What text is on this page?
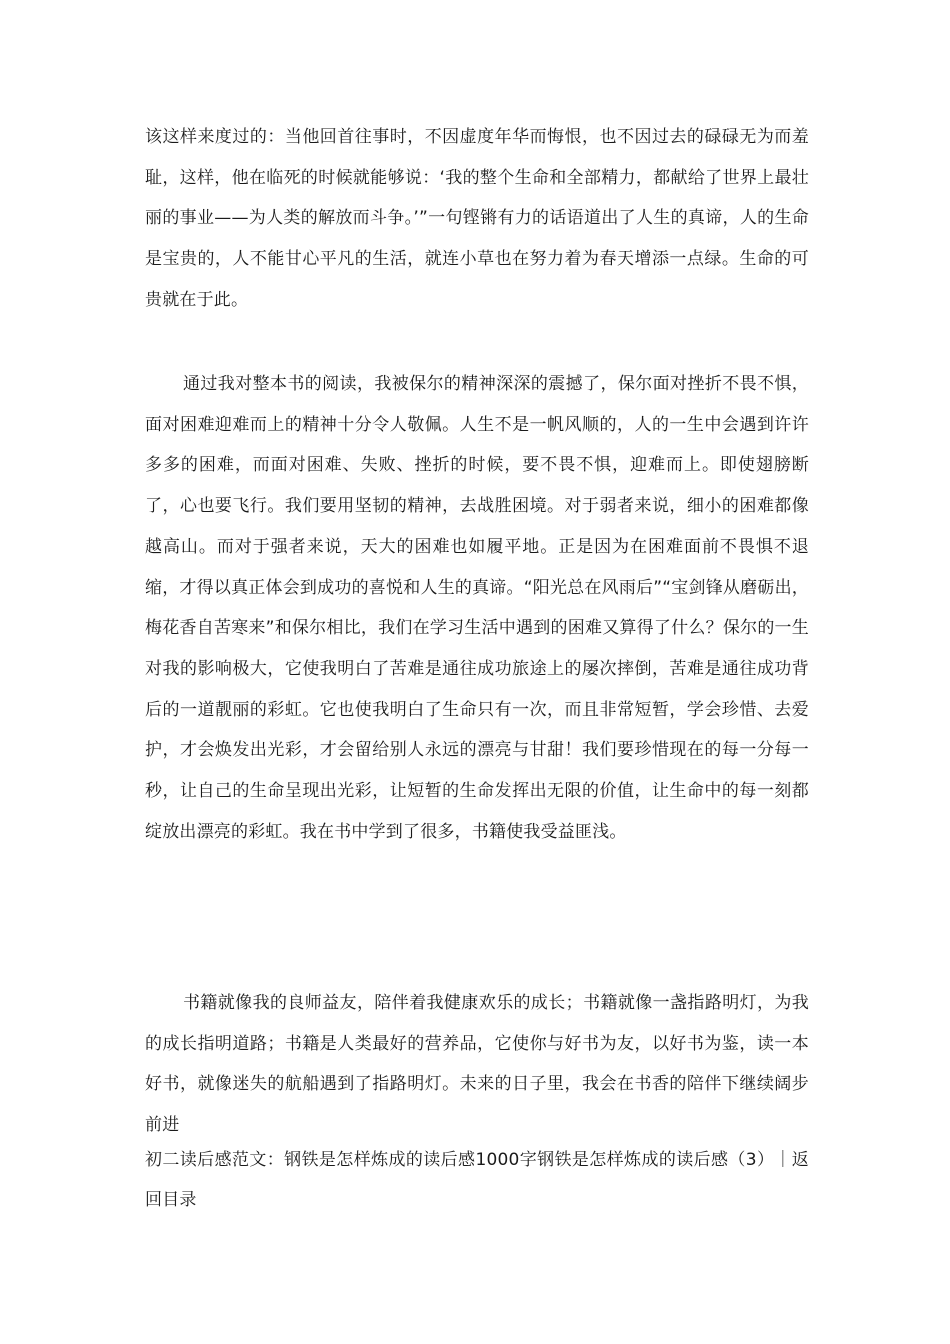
该这样来度过的：当他回首往事时，不因虚度年华而悔恨，也不因过去的碌碌无为而羞耻，这样，他在临死的时候就能够说：‘我的整个生命和全部精力，都献给了世界上最壮丽的事业——为人类的解放而斗争。’”一句铿锵有力的话语道出了人生的真谛，人的生命是宝贵的，人不能甘心平凡的生活，就连小草也在努力着为春天增添一点绿。生命的可贵就在于此。

通过我对整本书的阅读，我被保尔的精神深深的震撼了，保尔面对挫折不畏不惧，面对困难迎难而上的精神十分令人敬佩。人生不是一帆风顺的，人的一生中会遇到许许多多的困难，而面对困难、失败、挫折的时候，要不畏不惧，迎难而上。即使翅膀断了，心也要飞行。我们要用坚韧的精神，去战胜困境。对于弱者来说，细小的困难都像越高山。而对于强者来说，天大的困难也如履平地。正是因为在困难面前不畏惧不退缩，才得以真正体会到成功的喜悦和人生的真谛。“阳光总在风雨后”“宝剑锋从磨砺出，梅花香自苦寒来”和保尔相比，我们在学习生活中遇到的困难又算得了什么？保尔的一生对我的影响极大，它使我明白了苦难是通往成功旅途上的屡次摔倒，苦难是通往成功背后的一道靓丽的彩虹。它也使我明白了生命只有一次，而且非常短暂，学会珍惜、去爱护，才会焕发出光彩，才会留给别人永远的漂亮与甘甜！我们要珍惜现在的每一分每一秒，让自己的生命呈现出光彩，让短暂的生命发挥出无限的价值，让生命中的每一刻都绽放出漂亮的彩虹。我在书中学到了很多，书籍使我受益匪浅。

书籍就像我的良师益友，陪伴着我健康欢乐的成长；书籍就像一盏指路明灯，为我的成长指明道路；书籍是人类最好的营养品，它使你与好书为友，以好书为鉴，读一本好书，就像迷失的航船遇到了指路明灯。未来的日子里，我会在书香的陪伴下继续阔步前进

初二读后感范文：钢铁是怎样炼成的读后感1000字钢铁是怎样炼成的读后感（3）｜返回目录
